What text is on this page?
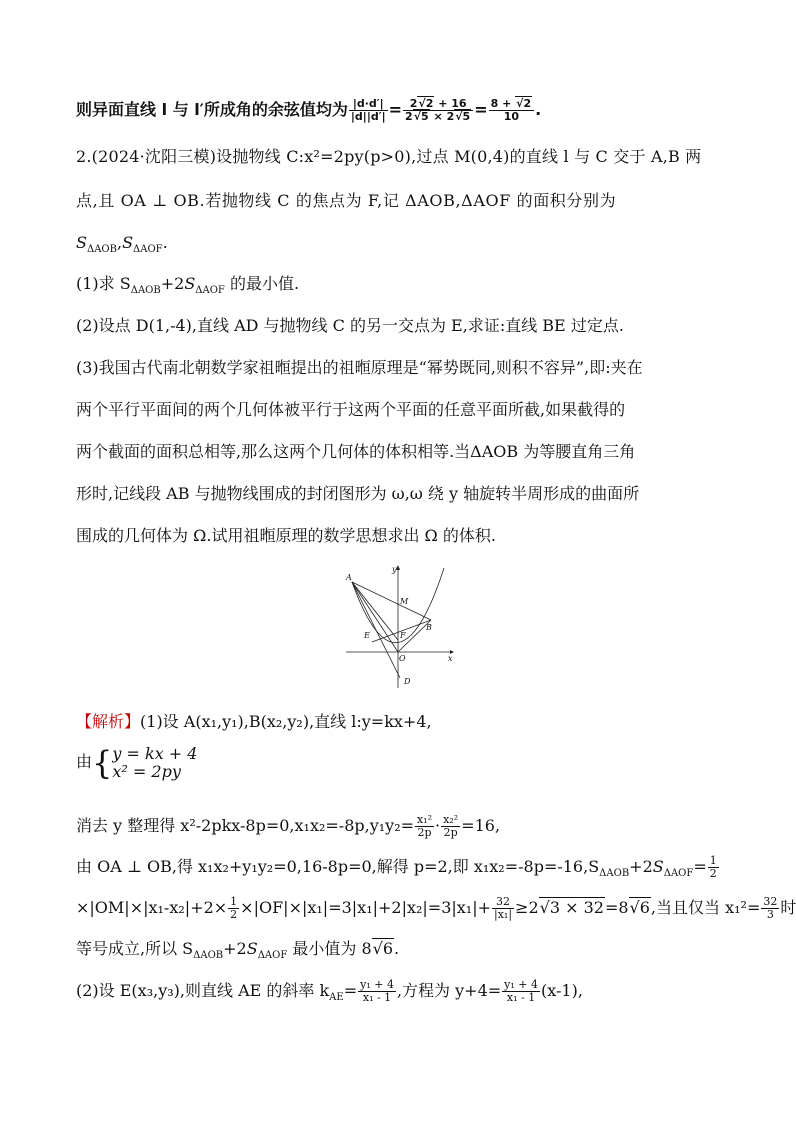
则异面直线 l 与 l′所成角的余弦值均为 $\frac{|d\cdot d'|}{|d||d'|} = \frac{2√2 + 16}{2√5 \times 2√5} = \frac{8 + √2}{10}$ .
2.(2024·沈阳三模)设抛物线 C:x²=2py(p>0),过点 M(0,4)的直线 l 与 C 交于 A,B 两
点,且 OA ⊥ OB.若抛物线 C 的焦点为 F,记 ΔAOB,ΔAOF 的面积分别为
$S_{\Delta AOB},S_{\Delta AOF}$.
(1)求 $S_{\Delta AOB}+2S_{\Delta AOF}$ 的最小值.
(2)设点 D(1,-4),直线 AD 与抛物线 C 的另一交点为 E,求证:直线 BE 过定点.
(3)我国古代南北朝数学家祖暅提出的祖暅原理是“幂势既同,则积不容异”,即:夹在
两个平行平面间的两个几何体被平行于这两个平面的任意平面所截,如果截得的
两个截面的面积总相等,那么这两个几何体的体积相等.当ΔAOB 为等腰直角三角
形时,记线段 AB 与抛物线围成的封闭图形为 ω,ω 绕 y 轴旋转半周形成的曲面所
围成的几何体为 Ω.试用祖暅原理的数学思想求出 Ω 的体积.
A
y
M
B
E	F
O	x
D
【解析】(1)设 A(x₁,y₁),B(x₂,y₂),直线 l:y=kx+4,
由{ y = kx + 4
x² = 2py
消去 y 整理得 $x^2-2pkx-8p=0,x_1x_2=-8p,y_1y_2= \frac{\text{x₁²}}{2p} \cdot \frac{\text{x₂²}}{2p} =16$,
由 OA ⊥ OB,得 x₁x₂+y₁y₂=0,16-8p=0,解得 p=2,即 $x_1x_2=-8p=-16,S_{\Delta AOB}+2S_{\Delta AOF}= \frac{1}{2}$
$\times|OM|\times|x_1-x_2|+2\times \frac{1}{2} \times|OF|\times|x_1|=3|x_1|+2|x_2|=3|x_1|+ \frac{32}{\text{|x₁|}} \ge 2√3 \times 32=8√6$,当且仅当 $x_1^2= \frac{32}{3}$ 时
等号成立,所以 $S_{\Delta AOB}+2S_{\Delta AOF}$ 最小值为 8√6.
(2)设 E(x₃,y₃),则直线 AE 的斜率 $k_{AE}= \frac{\text{y₁ + 4}}{\text{x₁ - 1}}$ ,方程为 $y+4= \frac{\text{y₁ + 4}}{\text{x₁ - 1}} (x-1)$,
